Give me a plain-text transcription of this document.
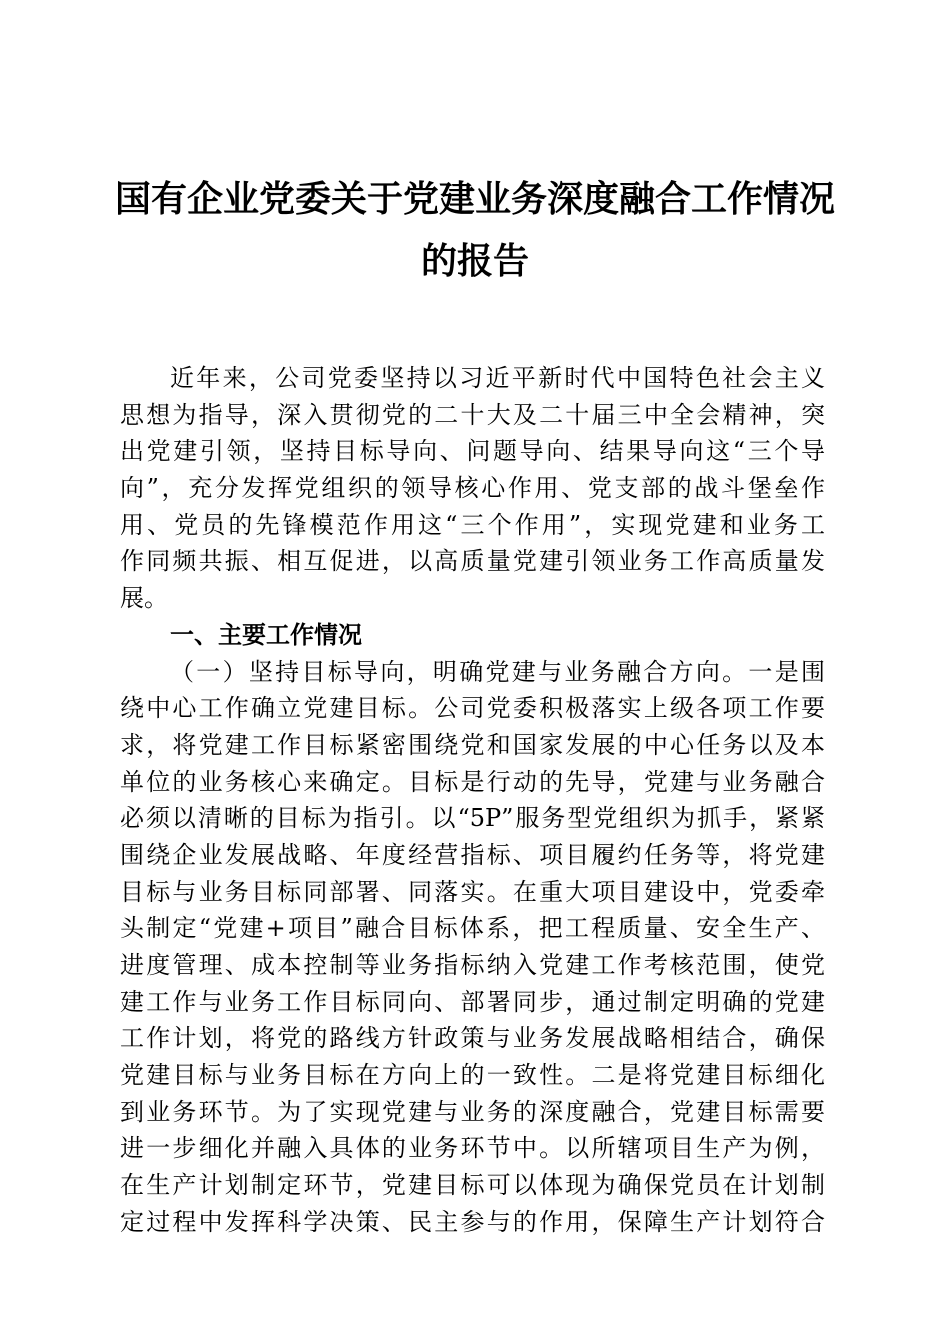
国有企业党委关于党建业务深度融合工作情况
的报告
近年来，公司党委坚持以习近平新时代中国特色社会主义
思想为指导，深入贯彻党的二十大及二十届三中全会精神，突
出党建引领，坚持目标导向、问题导向、结果导向这“三个导
向”，充分发挥党组织的领导核心作用、党支部的战斗堡垒作
用、党员的先锋模范作用这“三个作用”，实现党建和业务工
作同频共振、相互促进，以高质量党建引领业务工作高质量发
展。
一、主要工作情况
（一）坚持目标导向，明确党建与业务融合方向。一是围
绕中心工作确立党建目标。公司党委积极落实上级各项工作要
求，将党建工作目标紧密围绕党和国家发展的中心任务以及本
单位的业务核心来确定。目标是行动的先导，党建与业务融合
必须以清晰的目标为指引。以“5P”服务型党组织为抓手，紧紧
围绕企业发展战略、年度经营指标、项目履约任务等，将党建
目标与业务目标同部署、同落实。在重大项目建设中，党委牵
头制定“党建+项目”融合目标体系，把工程质量、安全生产、
进度管理、成本控制等业务指标纳入党建工作考核范围，使党
建工作与业务工作目标同向、部署同步，通过制定明确的党建
工作计划，将党的路线方针政策与业务发展战略相结合，确保
党建目标与业务目标在方向上的一致性。二是将党建目标细化
到业务环节。为了实现党建与业务的深度融合，党建目标需要
进一步细化并融入具体的业务环节中。以所辖项目生产为例，
在生产计划制定环节，党建目标可以体现为确保党员在计划制
定过程中发挥科学决策、民主参与的作用，保障生产计划符合
